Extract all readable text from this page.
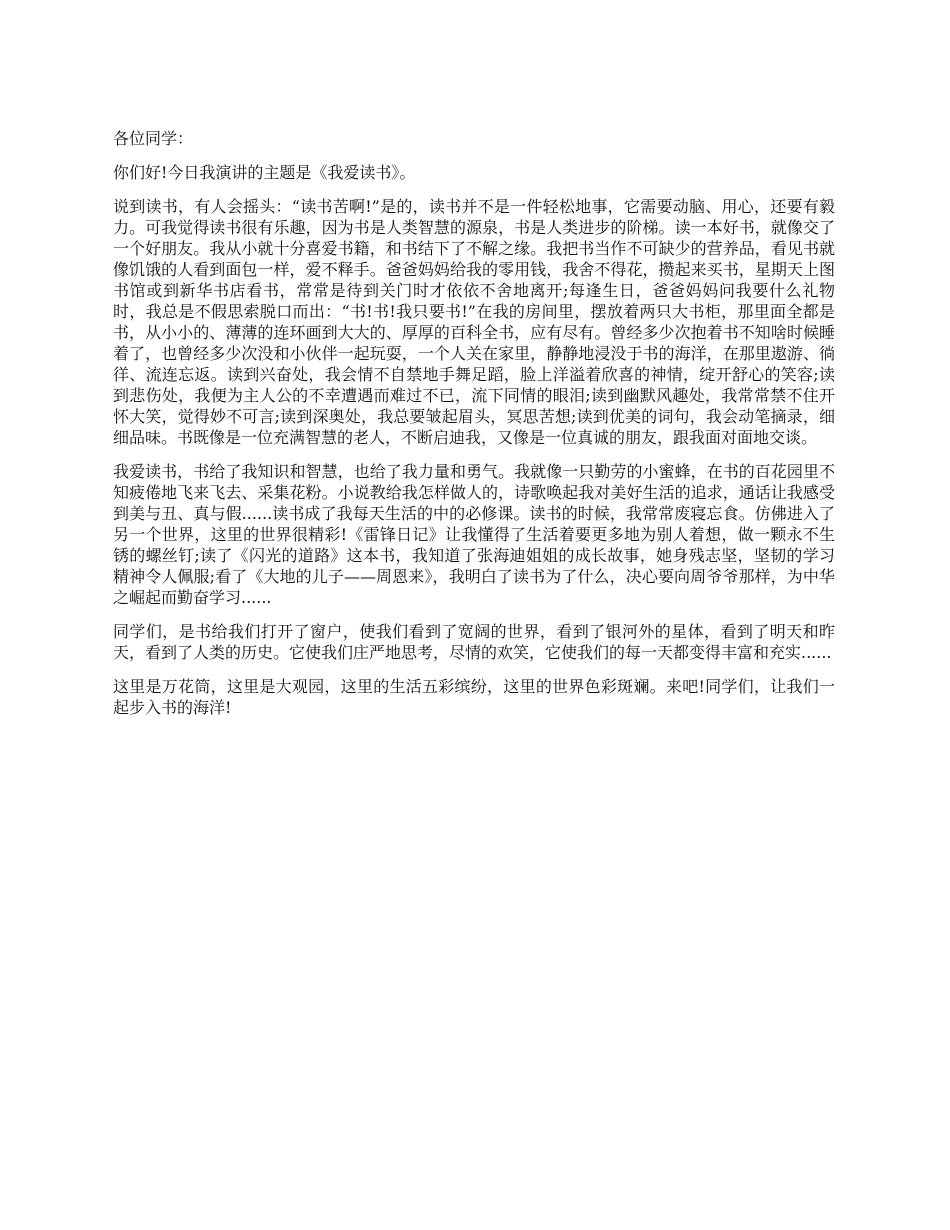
各位同学：

你们好!今日我演讲的主题是《我爱读书》。

说到读书，有人会摇头：“读书苦啊!”是的，读书并不是一件轻松地事，它需要动脑、用心，还要有毅力。可我觉得读书很有乐趣，因为书是人类智慧的源泉，书是人类进步的阶梯。读一本好书，就像交了一个好朋友。我从小就十分喜爱书籍，和书结下了不解之缘。我把书当作不可缺少的营养品，看见书就像饥饿的人看到面包一样，爱不释手。爸爸妈妈给我的零用钱，我舍不得花，攒起来买书，星期天上图书馆或到新华书店看书，常常是待到关门时才依依不舍地离开;每逢生日，爸爸妈妈问我要什么礼物时，我总是不假思索脱口而出：“书!书!我只要书!”在我的房间里，摆放着两只大书柜，那里面全都是书，从小小的、薄薄的连环画到大大的、厚厚的百科全书，应有尽有。曾经多少次抱着书不知啥时候睡着了，也曾经多少次没和小伙伴一起玩耍，一个人关在家里，静静地浸没于书的海洋，在那里遨游、徜徉、流连忘返。读到兴奋处，我会情不自禁地手舞足蹈，脸上洋溢着欣喜的神情，绽开舒心的笑容;读到悲伤处，我便为主人公的不幸遭遇而难过不已，流下同情的眼泪;读到幽默风趣处，我常常禁不住开怀大笑，觉得妙不可言;读到深奥处，我总要皱起眉头，冥思苦想;读到优美的词句，我会动笔摘录，细细品味。书既像是一位充满智慧的老人，不断启迪我，又像是一位真诚的朋友，跟我面对面地交谈。

我爱读书，书给了我知识和智慧，也给了我力量和勇气。我就像一只勤劳的小蜜蜂，在书的百花园里不知疲倦地飞来飞去、采集花粉。小说教给我怎样做人的，诗歌唤起我对美好生活的追求，通话让我感受到美与丑、真与假......读书成了我每天生活的中的必修课。读书的时候，我常常废寝忘食。仿佛进入了另一个世界，这里的世界很精彩!《雷锋日记》让我懂得了生活着要更多地为别人着想，做一颗永不生锈的螺丝钉;读了《闪光的道路》这本书，我知道了张海迪姐姐的成长故事，她身残志坚，坚韧的学习精神令人佩服;看了《大地的儿子——周恩来》，我明白了读书为了什么，决心要向周爷爷那样，为中华之崛起而勤奋学习......

同学们，是书给我们打开了窗户，使我们看到了宽阔的世界，看到了银河外的星体，看到了明天和昨天，看到了人类的历史。它使我们庄严地思考，尽情的欢笑，它使我们的每一天都变得丰富和充实......

这里是万花筒，这里是大观园，这里的生活五彩缤纷，这里的世界色彩斑斓。来吧!同学们，让我们一起步入书的海洋!
